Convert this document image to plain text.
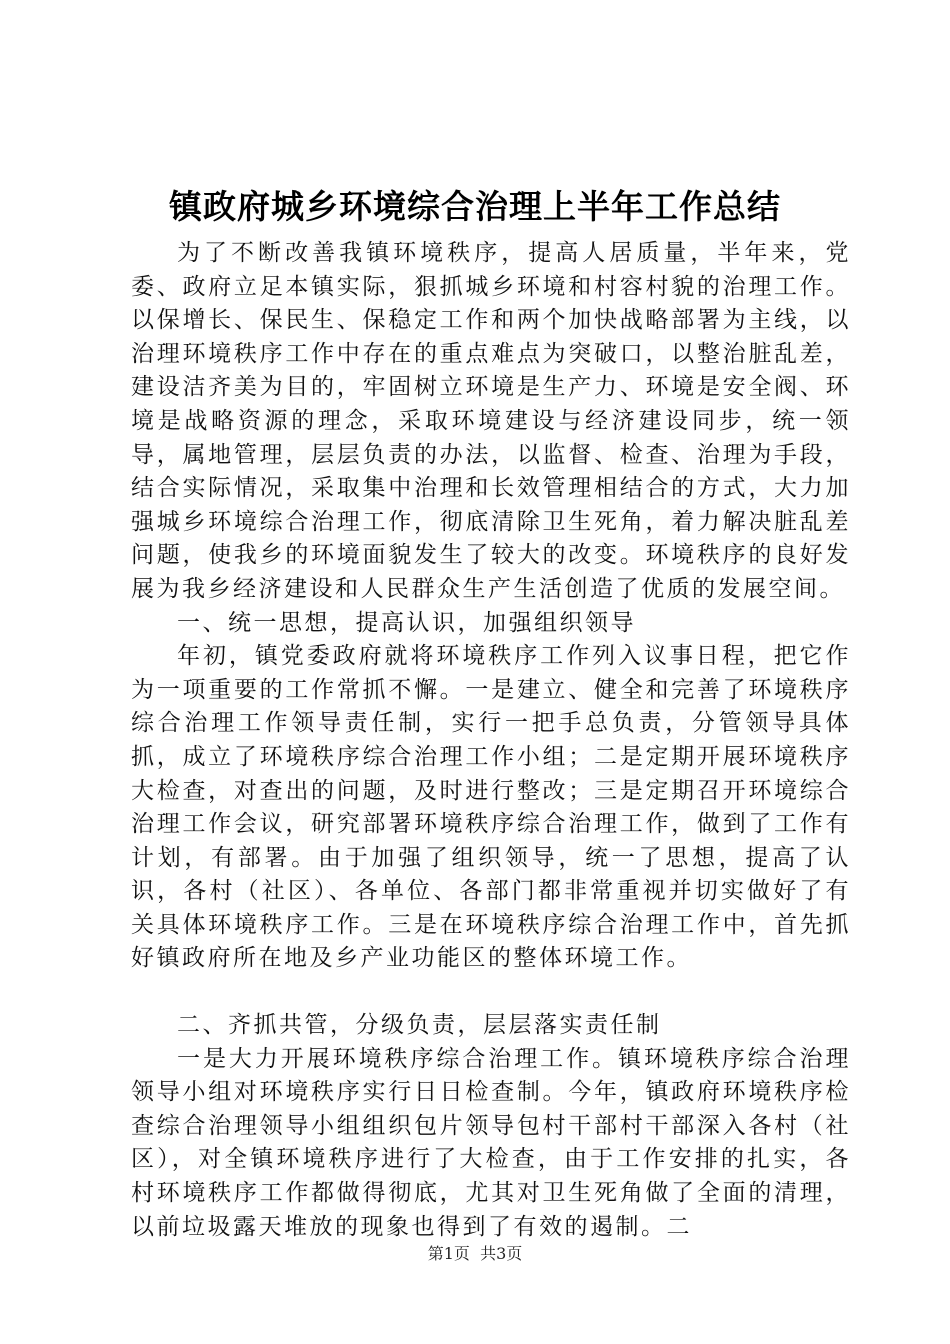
镇政府城乡环境综合治理上半年工作总结

为了不断改善我镇环境秩序，提高人居质量，半年来，党委、政府立足本镇实际，狠抓城乡环境和村容村貌的治理工作。以保增长、保民生、保稳定工作和两个加快战略部署为主线，以治理环境秩序工作中存在的重点难点为突破口，以整治脏乱差，建设洁齐美为目的，牢固树立环境是生产力、环境是安全阀、环境是战略资源的理念，采取环境建设与经济建设同步，统一领导，属地管理，层层负责的办法，以监督、检查、治理为手段，结合实际情况，采取集中治理和长效管理相结合的方式，大力加强城乡环境综合治理工作，彻底清除卫生死角，着力解决脏乱差问题，使我乡的环境面貌发生了较大的改变。环境秩序的良好发展为我乡经济建设和人民群众生产生活创造了优质的发展空间。

一、统一思想，提高认识，加强组织领导

年初，镇党委政府就将环境秩序工作列入议事日程，把它作为一项重要的工作常抓不懈。一是建立、健全和完善了环境秩序综合治理工作领导责任制，实行一把手总负责，分管领导具体抓，成立了环境秩序综合治理工作小组；二是定期开展环境秩序大检查，对查出的问题，及时进行整改；三是定期召开环境综合治理工作会议，研究部署环境秩序综合治理工作，做到了工作有计划，有部署。由于加强了组织领导，统一了思想，提高了认识，各村（社区）、各单位、各部门都非常重视并切实做好了有关具体环境秩序工作。三是在环境秩序综合治理工作中，首先抓好镇政府所在地及乡产业功能区的整体环境工作。

二、齐抓共管，分级负责，层层落实责任制

一是大力开展环境秩序综合治理工作。镇环境秩序综合治理领导小组对环境秩序实行日日检查制。今年，镇政府环境秩序检查综合治理领导小组组织包片领导包村干部村干部深入各村（社区），对全镇环境秩序进行了大检查，由于工作安排的扎实，各村环境秩序工作都做得彻底，尤其对卫生死角做了全面的清理，以前垃圾露天堆放的现象也得到了有效的遏制。二

第1页 共3页
